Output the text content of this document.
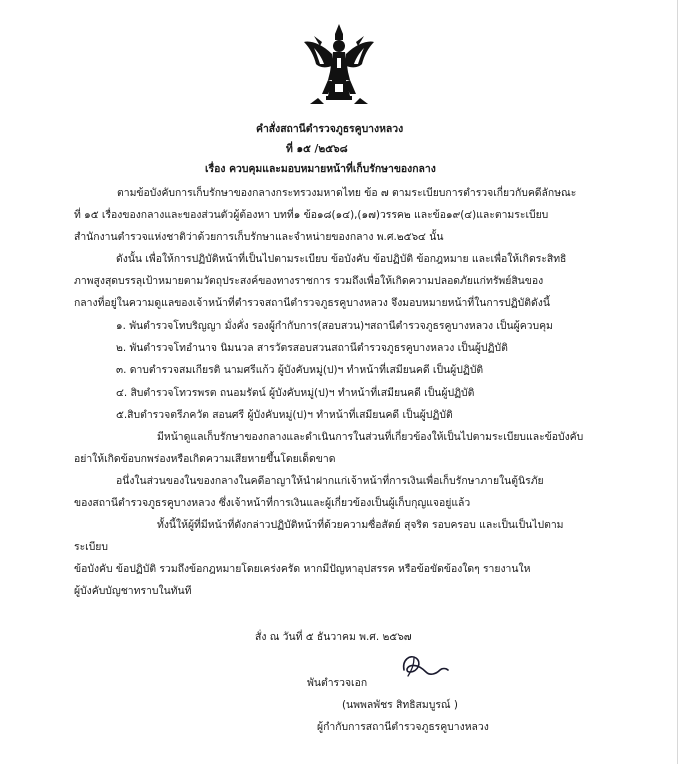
คำสั่งสถานีตำรวจภูธรคูบางหลวง
ที่ ๑๕ /๒๕๖๘
เรื่อง ควบคุมและมอบหมายหน้าที่เก็บรักษาของกลาง
ตามข้อบังคับการเก็บรักษาของกลางกระทรวงมหาดไทย ข้อ ๗ ตามระเบียบการตำรวจเกี่ยวกับคดีลักษณะ
ที่ ๑๕ เรื่องของกลางและของส่วนตัวผู้ต้องหา บทที่๑ ข้อ๑๘(๑๔),(๑๗)วรรค๒ และข้อ๑๙(๔)และตามระเบียบ
สำนักงานตำรวจแห่งชาติว่าด้วยการเก็บรักษาและจำหน่ายของกลาง พ.ศ.๒๕๖๔ นั้น
ดังนั้น เพื่อให้การปฏิบัติหน้าที่เป็นไปตามระเบียบ ข้อบังคับ ข้อปฏิบัติ ข้อกฎหมาย และเพื่อให้เกิดระสิทธิ
ภาพสูงสุดบรรลุเป้าหมายตามวัตถุประสงค์ของทางราชการ รวมถึงเพื่อให้เกิดความปลอดภัยแก่ทรัพย์สินของ
กลางที่อยู่ในความดูแลของเจ้าหน้าที่ตำรวจสถานีตำรวจภูธรคูบางหลวง จึงมอบหมายหน้าที่ในการปฏิบัติดังนี้
๑. พันตำรวจโทบริญญา มั่งคั่ง รองผู้กำกับการ(สอบสวน)ฯสถานีตำรวจภูธรคูบางหลวง เป็นผู้ควบคุม
๒. พันตำรวจโทอำนาจ นิมนวล สารวัตรสอบสวนสถานีตำรวจภูธรคูบางหลวง เป็นผู้ปฏิบัติ
๓. ดาบตำรวจสมเกียรติ นามศรีแก้ว ผู้บังคับหมู่(ป)ฯ ทำหน้าที่เสมียนคดี เป็นผู้ปฏิบัติ
๔. สิบตำรวจโทวรพรต ถนอมรัตน์ ผู้บังคับหมู่(ป)ฯ ทำหน้าที่เสมียนคดี เป็นผู้ปฏิบัติ
๕.สิบตำรวจตรีภควัต สอนศรี ผู้บังคับหมู่(ป)ฯ ทำหน้าที่เสมียนคดี เป็นผู้ปฏิบัติ
มีหน้าดูแลเก็บรักษาของกลางและดำเนินการในส่วนที่เกี่ยวข้องให้เป็นไปตามระเบียบและข้อบังคับ
อย่าให้เกิดข้อบกพร่องหรือเกิดความเสียหายขึ้นโดยเด็ดขาด
อนึ่งในส่วนของในของกลางในคดีอาญาให้นำฝากแก่เจ้าหน้าที่การเงินเพื่อเก็บรักษาภายในตู้นิรภัย
ของสถานีตำรวจภูธรคูบางหลวง ซึ่งเจ้าหน้าที่การเงินและผู้เกี่ยวข้องเป็นผู้เก็บกุญแจอยู่แล้ว
ทั้งนี้ให้ผู้ที่มีหน้าที่ดังกล่าวปฏิบัติหน้าที่ด้วยความซื่อสัตย์ สุจริต รอบครอบ และเป็นเป็นไปตาม
ระเบียบ
ข้อบังคับ ข้อปฏิบัติ รวมถึงข้อกฎหมายโดยเคร่งครัด หากมีปัญหาอุปสรรค หรือข้อขัดข้องใดๆ รายงานให
ผู้บังคับบัญชาทราบในทันที
สั่ง ณ วันที่ ๕ ธันวาคม พ.ศ. ๒๕๖๗
พันตำรวจเอก
(นพพลพัชร สิทธิสมบูรณ์ )
ผู้กำกับการสถานีตำรวจภูธรคูบางหลวง
